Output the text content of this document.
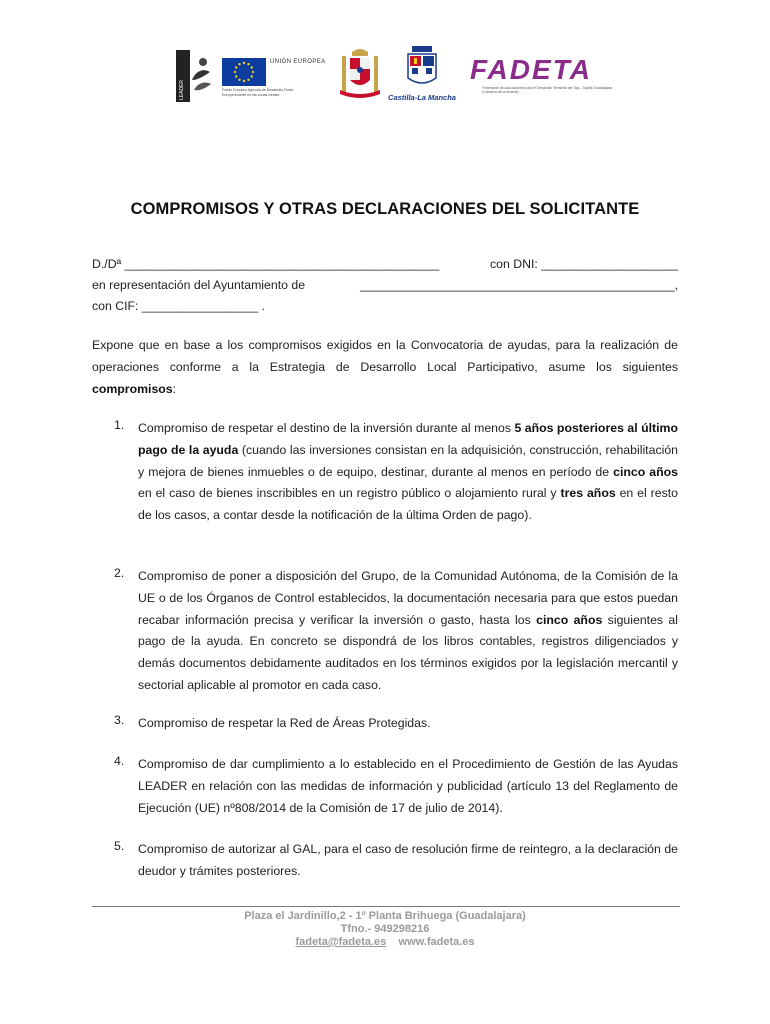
LEADER
UNIÓN EUROPEA
Fondo Europeo Agrícola de Desarrollo Rural:
Europa invierte en las zonas rurales	Castilla-La Mancha
FADETA
Federación de Asociaciones para el Desarrollo Territorial del Tajo - Tajuña Guadalajara
(Comarca de la Alcarria)
COMPROMISOS Y OTRAS DECLARACIONES DEL SOLICITANTE
D./Dª ______________________________________________	con DNI: ____________________
en representación del Ayuntamiento de	______________________________________________,
con CIF: _________________ .
Expone que en base a los compromisos exigidos en la Convocatoria de ayudas, para la realización de operaciones conforme a la Estrategia de Desarrollo Local Participativo, asume los siguientes compromisos:
1. Compromiso de respetar el destino de la inversión durante al menos 5 años posteriores al último pago de la ayuda (cuando las inversiones consistan en la adquisición, construcción, rehabilitación y mejora de bienes inmuebles o de equipo, destinar, durante al menos en período de cinco años en el caso de bienes inscribibles en un registro público o alojamiento rural y tres años en el resto de los casos, a contar desde la notificación de la última Orden de pago).
2. Compromiso de poner a disposición del Grupo, de la Comunidad Autónoma, de la Comisión de la UE o de los Órganos de Control establecidos, la documentación necesaria para que estos puedan recabar información precisa y verificar la inversión o gasto, hasta los cinco años siguientes al pago de la ayuda. En concreto se dispondrá de los libros contables, registros diligenciados y demás documentos debidamente auditados en los términos exigidos por la legislación mercantil y sectorial aplicable al promotor en cada caso.
3. Compromiso de respetar la Red de Áreas Protegidas.
4. Compromiso de dar cumplimiento a lo establecido en el Procedimiento de Gestión de las Ayudas LEADER en relación con las medidas de información y publicidad (artículo 13 del Reglamento de Ejecución (UE) nº808/2014 de la Comisión de 17 de julio de 2014).
5. Compromiso de autorizar al GAL, para el caso de resolución firme de reintegro, a la declaración de deudor y trámites posteriores.
Plaza el Jardinillo,2 - 1º Planta Brihuega (Guadalajara)
Tfno.- 949298216
fadeta@fadeta.es www.fadeta.es
